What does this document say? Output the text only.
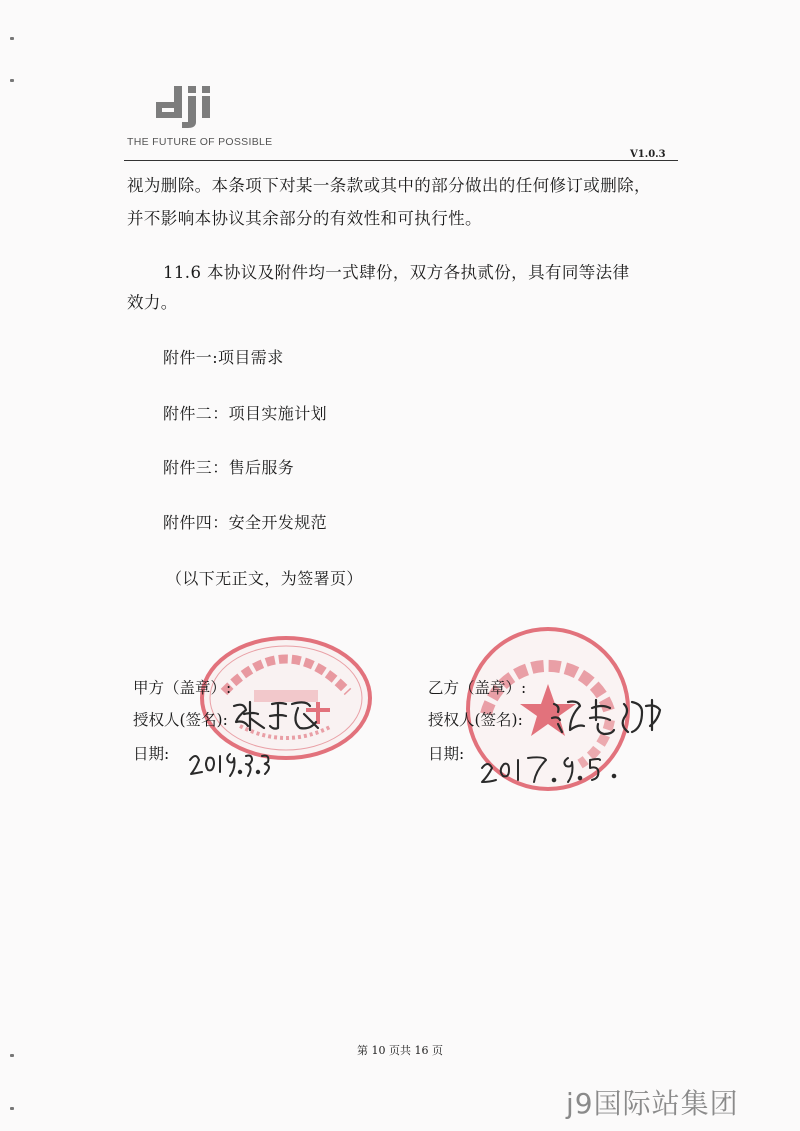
THE FUTURE OF POSSIBLE
V1.0.3
视为删除。本条项下对某一条款或其中的部分做出的任何修订或删除，
并不影响本协议其余部分的有效性和可执行性。
11.6 本协议及附件均一式肆份，双方各执贰份，具有同等法律
效力。
附件一:项目需求
附件二：项目实施计划
附件三：售后服务
附件四：安全开发规范
（以下无正文，为签署页）
甲方（盖章）:
授权人(签名):
日期:
乙方（盖章）:
授权人(签名):
日期:
第 10 页共 16 页
j9国际站集团
